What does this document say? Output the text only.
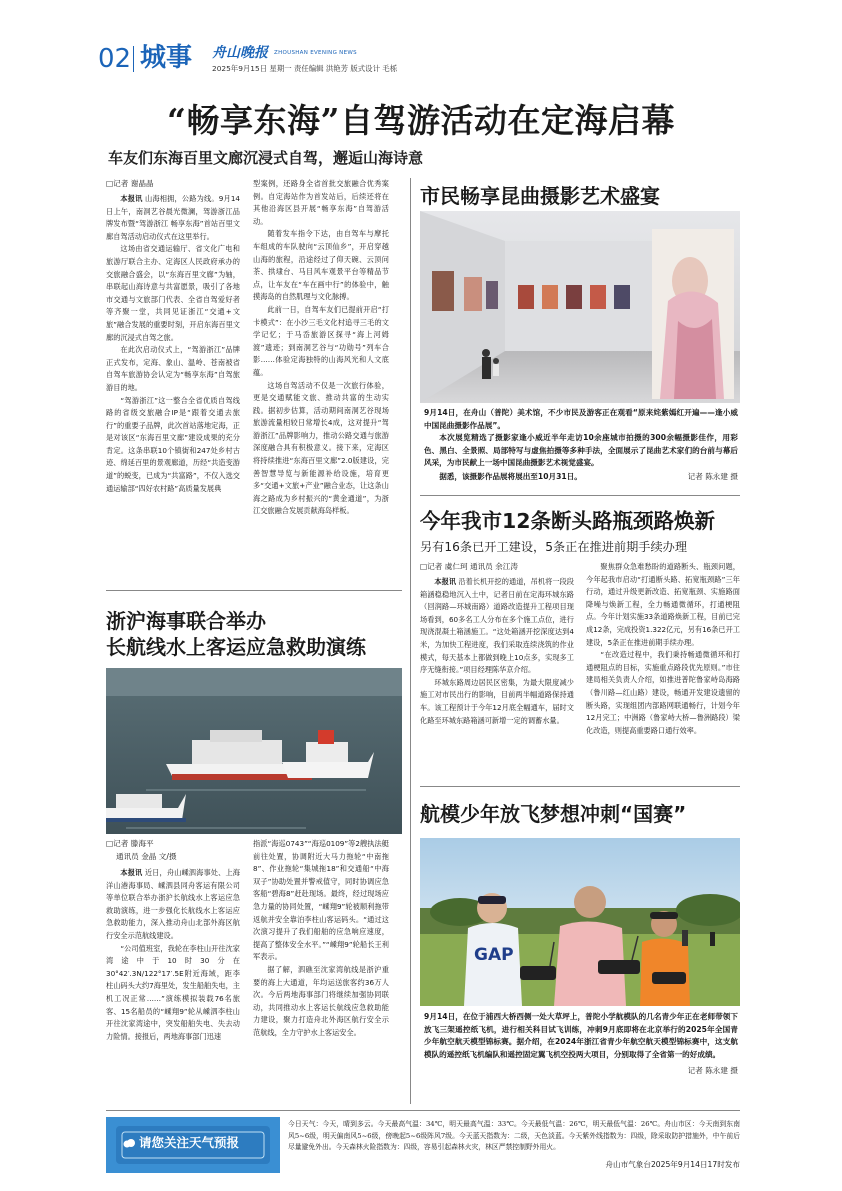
02 城事 舟山晚报 ZHOUSHAN EVENING NEWS
2025年9月15日 星期一 责任编辑 洪艳芳 版式设计 毛栎
“畅享东海”自驾游活动在定海启幕
车友们东海百里文廊沉浸式自驾，邂逅山海诗意
□记者 谢晶晶

本报讯 山海相拥，公路为线。9月14日上午，南洞艺谷晨光微澜，驾游浙江品牌发布暨“驾游浙江 畅享东海”首站百里文廊自驾活动启动仪式在这里举行。

这场由省交通运输厅、省文化广电和旅游厅联合主办、定海区人民政府承办的交旅融合盛会，以“东海百里文廊”为轴，串联起山海诗意与共富愿景，吸引了各地市交通与文旅部门代表、全省自驾爱好者等齐聚一堂，共同见证浙江“交通+文旅”融合发展的重要时刻，开启东海百里文廊的沉浸式自驾之旅。

在此次启动仪式上，“驾游浙江”品牌正式发布，定海、象山、温岭、苍南被省自驾车旅游协会认定为“畅享东海”自驾旅游目的地。

“驾游浙江”这一整合全省优质自驾线路的省级交旅融合IP是“跟着交通去旅行”的重要子品牌，此次首站落地定海，正是对该区“东海百里文廊”建设成果的充分肯定。这条串联10个镇街和247处乡村古迹、绵延百里的景观廊道，历经“共造变游道”的蜕变，已成为“共富路”，不仅入选交通运输部“四好农村路”高质量发展典

型案例，还路身全省首批交旅融合优秀案例。自定海站作为首发站后，后续还将在其他沿海区县开展“畅享东海”自驾游活动。

随着发车指令下达，由自驾车与摩托车组成的车队驶向“云顶仙乡”，开启穿越山海的旅程，沿途经过了仰天碗、云顶问茶、拱埭台、马目风车观景平台等精品节点，让车友在“车在画中行”的体验中，触摸海岛的自然肌理与文化脉搏。

此前一日，自驾车友们已提前开启“打卡模式”：在小沙三毛文化村追寻三毛的文学记忆；于马岙旅游区探寻“海上河姆渡”遗迹；到南洞艺谷与“功勋号”列车合影……体验定海独特的山海风光和人文底蕴。

这场自驾活动不仅是一次旅行体验，更是交通赋能文旅、推动共富的生动实践。据初步估算，活动期间南洞艺谷现场旅游流量相较日常增长4成，这对提升“驾游浙江”品牌影响力，推动公路交通与旅游深度融合具有积极意义。接下来，定海区将持续推进“东海百里文廊”2.0版建设，完善智慧导览与新能源补给设施，培育更多“交通+文旅+产业”融合业态，让这条山海之路成为乡村振兴的“黄金通道”，为浙江交旅融合发展贡献海岛样板。

市民畅享昆曲摄影艺术盛宴
9月14日，在舟山（普陀）美术馆，不少市民及游客正在观看“原来姹紫嫣红开遍——逢小威中国昆曲摄影作品展”。
本次展览精选了摄影家逢小威近半年走访10余座城市拍摄的300余幅摄影佳作，用彩色、黑白、全景照、局部特写与虚焦拍摄等多种手法，全面展示了昆曲艺术家们的台前与幕后风采，为市民献上一场中国昆曲摄影艺术视觉盛宴。
据悉，该摄影作品展将展出至10月31日。	记者 陈永建 摄
今年我市12条断头路瓶颈路焕新
另有16条已开工建设，5条正在推进前期手续办理
□记者 虞仁珂 通讯员 余江涛

本报讯 沿着长机开挖的通道，吊机将一段段箱涵稳稳地沉入土中，记者日前在定海环城东路（回润路—环城南路）道路改造提升工程项目现场看到，60多名工人分布在多个施工点位，进行现浇混凝土箱涵施工。“这处箱涵开挖深度达到4米，为加快工程进度，我们采取连续浇筑的作业模式，每天基本上都做到晚上10点多，实现多工序无缝衔接。”项目经理陈华京介绍。

环城东路周边居民区密集，为最大限度减少施工对市民出行的影响，目前两半幅道路保持通车。该工程预计于今年12月底全幅通车，届时文化路至环城东路箱涵可新增一定的调蓄水量。

聚焦群众急难愁盼的道路断头、瓶颈问题，今年起我市启动“打通断头路、拓宽瓶颈路”三年行动，通过升级更新改造、拓宽瓶颈、实施路面降噪与焕新工程，全力畅通微循环，打通梗阻点。今年计划实施33条道路焕新工程，目前已完成12条，完成投资1.322亿元，另有16条已开工建设，5条正在推进前期手续办理。

“在改造过程中，我们秉持畅通微循环和打通梗阻点的目标，实施重点路段优先原则。”市住建局相关负责人介绍，如推进普陀鲁家峙岛海路（鲁川路—红山路）建设，畅通开发建设遗留的断头路，实现组团内部路网联通畅行，计划今年12月完工；中洲路（鲁家峙大桥—鲁洲路段）梁化改造，则提高重要路口通行效率。

航模少年放飞梦想冲刺“国赛”
GAP
9月14日，在位于浦西大桥西侧一处大草坪上，普陀小学航模队的几名青少年正在老师带领下放飞三架遥控纸飞机，进行相关科目试飞训练，冲刺9月底即将在北京举行的2025年全国青少年航空航天模型锦标赛。据介绍，在2024年浙江省青少年航空航天模型锦标赛中，这支航模队的遥控纸飞机编队和遥控固定翼飞机空投两大项目，分别取得了全省第一的好成绩。
记者 陈永建 摄
浙沪海事联合举办
长航线水上客运应急救助演练
□记者 滕海平
通讯员 金晶 文/摄

本报讯 近日，舟山嵊泗海事处、上海洋山港海事局、嵊泗县同舟客运有限公司等单位联合举办浙沪长航线水上客运应急救助演练，进一步强化长航线水上客运应急救助能力，深入推动舟山北部外海区航行安全示范航线建设。

“公司值班室，我轮在李柱山开往沈家湾途中于10时30分在30°42′.3N/122°17′.5E附近海域，距李柱山码头大约7海里处，发生船舶失电，主机工况正常……”演练模拟装载76名旅客、15名船员的“嵊翔9”轮从嵊泗李柱山开往沈家湾途中，突发船舶失电、失去动力险情。接报后，两地海事部门迅速

指派“海巡0743”“海巡0109”等2艘执法艇前往处置，协调附近大马力拖轮“中南拖8”、作业拖轮“集城拖18”和交通船“中海双子”协助处置并警戒值守，同时协调应急客船“碧海8”赶赴现场。最终，经过现场应急力量的协同处置，“嵊翔9”轮被顺利拖带返航并安全靠泊李柱山客运码头。“通过这次演习提升了我们船舶的应急响应速度，提高了整体安全水平。”“嵊翔9”轮船长王利军表示。

据了解，泗礁至沈家湾航线是浙沪重要的海上大通道，年均运送旅客约36万人次。今后两地海事部门将继续加强协同联动，共同推动水上客运长航线应急救助能力建设，聚力打造舟北外海区航行安全示范航线，全力守护水上客运安全。

请您关注天气预报
今日天气：今天，晴到多云。今天最高气温：34℃，明天最高气温：33℃。今天最低气温：26℃，明天最低气温：26℃。舟山市区：今天南到东南风5~6级，明天偏南风5~6级，傍晚起5~6级阵风7级。今天蓝天指数为：二级，天色淡蓝。今天紫外线指数为：四级，除采取防护措施外，中午前后尽量避免外出。今天森林火险指数为：四级，容易引起森林火灾，林区严禁控制野外用火。
舟山市气象台2025年9月14日17时发布
